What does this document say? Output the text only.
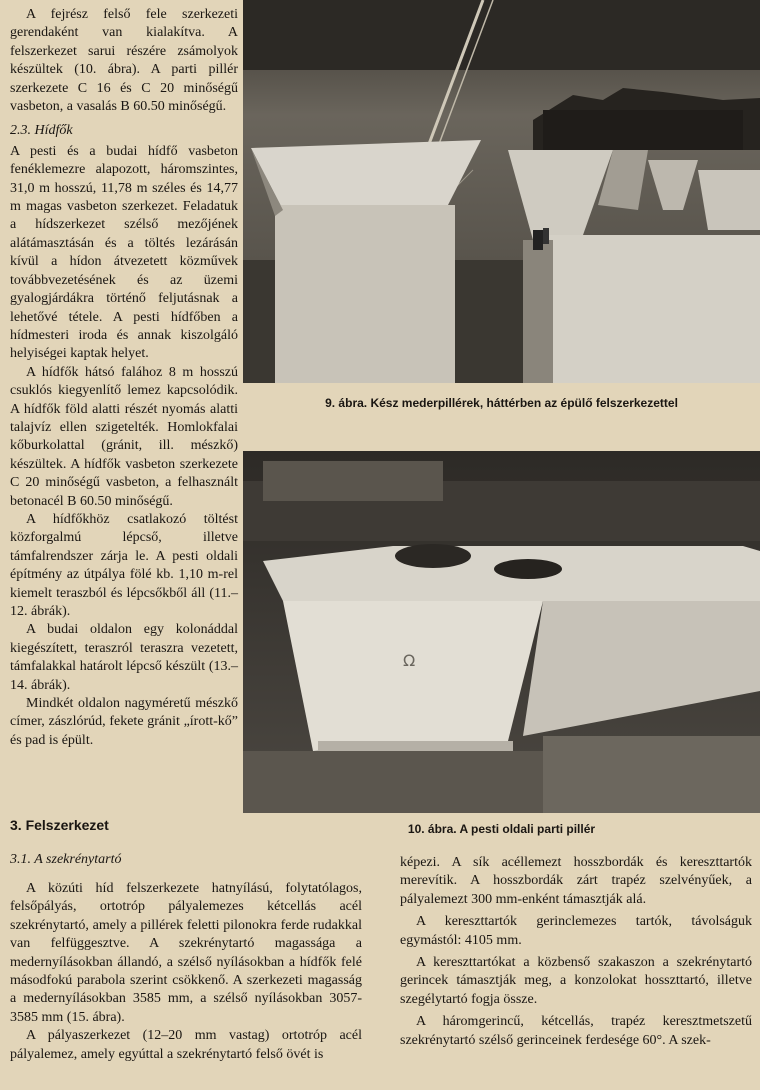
A fejrész felső fele szerkezeti gerendaként van kialakítva. A felszerkezet sarui részére zsámolyok készültek (10. ábra). A parti pillér szerkezete C 16 és C 20 minőségű vasbeton, a vasalás B 60.50 minőségű.

2.3. Hídfők

A pesti és a budai hídfő vasbeton fenéklemezre alapozott, háromszintes, 31,0 m hosszú, 11,78 m széles és 14,77 m magas vasbeton szerkezet. Feladatuk a hídszerkezet szélső mezőjének alátámasztásán és a töltés lezárásán kívül a hídon átvezetett közművek továbbvezetésének és az üzemi gyalogjárdákra történő feljutásnak a lehetővé tétele. A pesti hídfőben a hídmesteri iroda és annak kiszolgáló helyiségei kaptak helyet.

A hídfők hátsó falához 8 m hosszú csuklós kiegyenlítő lemez kapcsolódik. A hídfők föld alatti részét nyomás alatti talajvíz ellen szigetelték. Homlokfalai kőburkolattal (gránit, ill. mészkő) készültek. A hídfők vasbeton szerkezete C 20 minőségű vasbeton, a felhasznált betonacél B 60.50 minőségű.

A hídfőkhöz csatlakozó töltést közforgalmú lépcső, illetve támfalrendszer zárja le. A pesti oldali építmény az útpálya fölé kb. 1,10 m-rel kiemelt teraszból és lépcsőkből áll (11.–12. ábrák).

A budai oldalon egy kolonáddal kiegészített, teraszról teraszra vezetett, támfalakkal határolt lépcső készült (13.–14. ábrák).

Mindkét oldalon nagyméretű mészkő címer, zászlórúd, fekete gránit „írott-kő” és pad is épült.

9. ábra. Kész mederpillérek, háttérben az épülő felszerkezettel
Ω
10. ábra. A pesti oldali parti pillér
3. Felszerkezet
3.1. A szekrénytartó

A közúti híd felszerkezete hatnyílású, folytatólagos, felsőpályás, ortotróp pályalemezes kétcellás acél szekrénytartó, amely a pillérek feletti pilonokra ferde rudakkal van felfüggesztve. A szekrénytartó magassága a medernyílásokban állandó, a szélső nyílásokban a hídfők felé másodfokú parabola szerint csökkenő. A szerkezeti magasság a medernyílásokban 3585 mm, a szélső nyílásokban 3057-3585 mm (15. ábra).

A pályaszerkezet (12–20 mm vastag) ortotróp acél pályalemez, amely egyúttal a szekrénytartó felső övét is

képezi. A sík acéllemezt hosszbordák és kereszttartók merevítik. A hosszbordák zárt trapéz szelvényűek, a pályalemezt 300 mm-enként támasztják alá.

A kereszttartók gerinclemezes tartók, távolságuk egymástól: 4105 mm.

A kereszttartókat a közbenső szakaszon a szekrénytartó gerincek támasztják meg, a konzolokat hosszttartó, illetve szegélytartó fogja össze.

A háromgerincű, kétcellás, trapéz keresztmetszetű szekrénytartó szélső gerinceinek ferdesége 60°. A szek-
